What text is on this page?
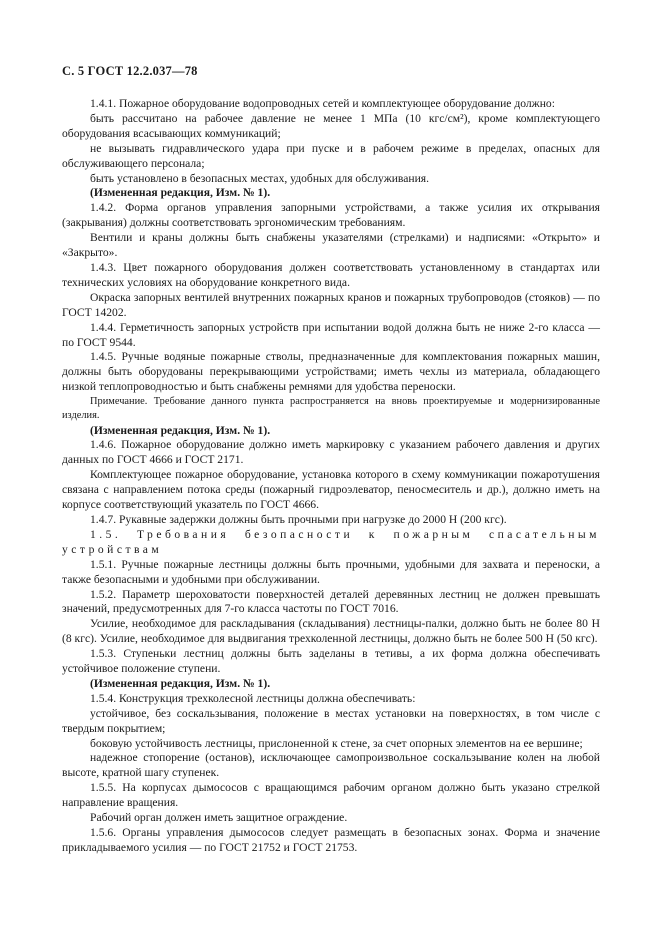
С. 5 ГОСТ 12.2.037—78

1.4.1. Пожарное оборудование водопроводных сетей и комплектующее оборудование должно:

быть рассчитано на рабочее давление не менее 1 МПа (10 кгс/см²), кроме комплектующего оборудования всасывающих коммуникаций;

не вызывать гидравлического удара при пуске и в рабочем режиме в пределах, опасных для обслуживающего персонала;

быть установлено в безопасных местах, удобных для обслуживания.

(Измененная редакция, Изм. № 1).

1.4.2. Форма органов управления запорными устройствами, а также усилия их открывания (закрывания) должны соответствовать эргономическим требованиям.

Вентили и краны должны быть снабжены указателями (стрелками) и надписями: «Открыто» и «Закрыто».

1.4.3. Цвет пожарного оборудования должен соответствовать установленному в стандартах или технических условиях на оборудование конкретного вида.

Окраска запорных вентилей внутренних пожарных кранов и пожарных трубопроводов (стояков) — по ГОСТ 14202.

1.4.4. Герметичность запорных устройств при испытании водой должна быть не ниже 2-го класса — по ГОСТ 9544.

1.4.5. Ручные водяные пожарные стволы, предназначенные для комплектования пожарных машин, должны быть оборудованы перекрывающими устройствами; иметь чехлы из материала, обладающего низкой теплопроводностью и быть снабжены ремнями для удобства переноски.

Примечание. Требование данного пункта распространяется на вновь проектируемые и модернизированные изделия.

(Измененная редакция, Изм. № 1).

1.4.6. Пожарное оборудование должно иметь маркировку с указанием рабочего давления и других данных по ГОСТ 4666 и ГОСТ 2171.

Комплектующее пожарное оборудование, установка которого в схему коммуникации пожаротушения связана с направлением потока среды (пожарный гидроэлеватор, пеносмеситель и др.), должно иметь на корпусе соответствующий указатель по ГОСТ 4666.

1.4.7. Рукавные задержки должны быть прочными при нагрузке до 2000 Н (200 кгс).

1.5. Требования безопасности к пожарным спасательным устройствам

1.5.1. Ручные пожарные лестницы должны быть прочными, удобными для захвата и переноски, а также безопасными и удобными при обслуживании.

1.5.2. Параметр шероховатости поверхностей деталей деревянных лестниц не должен превышать значений, предусмотренных для 7-го класса частоты по ГОСТ 7016.

Усилие, необходимое для раскладывания (складывания) лестницы-палки, должно быть не более 80 Н (8 кгс). Усилие, необходимое для выдвигания трехколенной лестницы, должно быть не более 500 Н (50 кгс).

1.5.3. Ступеньки лестниц должны быть заделаны в тетивы, а их форма должна обеспечивать устойчивое положение ступени.

(Измененная редакция, Изм. № 1).

1.5.4. Конструкция трехколесной лестницы должна обеспечивать:

устойчивое, без соскальзывания, положение в местах установки на поверхностях, в том числе с твердым покрытием;

боковую устойчивость лестницы, прислоненной к стене, за счет опорных элементов на ее вершине;

надежное стопорение (останов), исключающее самопроизвольное соскальзывание колен на любой высоте, кратной шагу ступенек.

1.5.5. На корпусах дымососов с вращающимся рабочим органом должно быть указано стрелкой направление вращения.

Рабочий орган должен иметь защитное ограждение.

1.5.6. Органы управления дымососов следует размещать в безопасных зонах. Форма и значение прикладываемого усилия — по ГОСТ 21752 и ГОСТ 21753.
